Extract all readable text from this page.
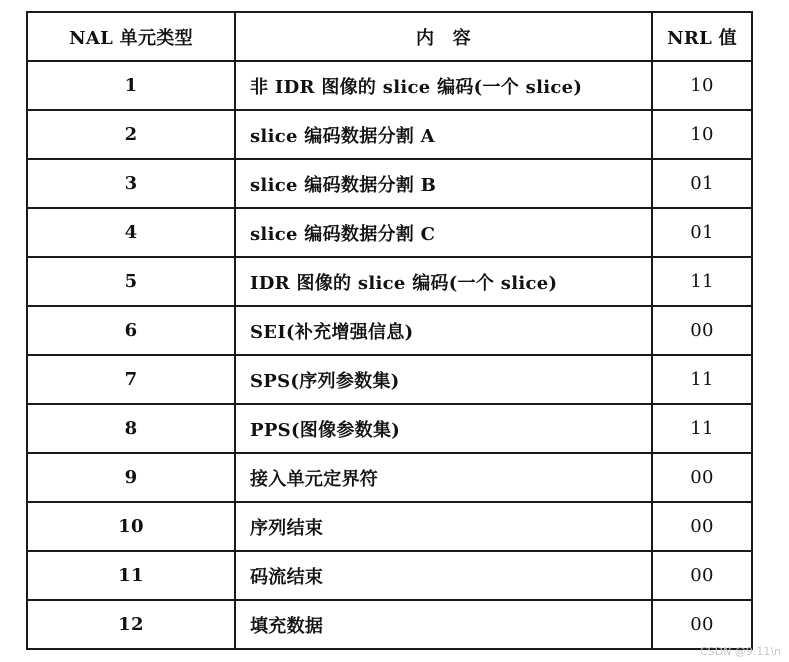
NAL 单元类型	内　容	NRL 值
1	非 IDR 图像的 slice 编码(一个 slice)	10
2	slice 编码数据分割 A	10
3	slice 编码数据分割 B	01
4	slice 编码数据分割 C	01
5	IDR 图像的 slice 编码(一个 slice)	11
6	SEI(补充增强信息)	00
7	SPS(序列参数集)	11
8	PPS(图像参数集)	11
9	接入单元定界符	00
10	序列结束	00
11	码流结束	00
12	填充数据	00
CSDN @9.11\n
